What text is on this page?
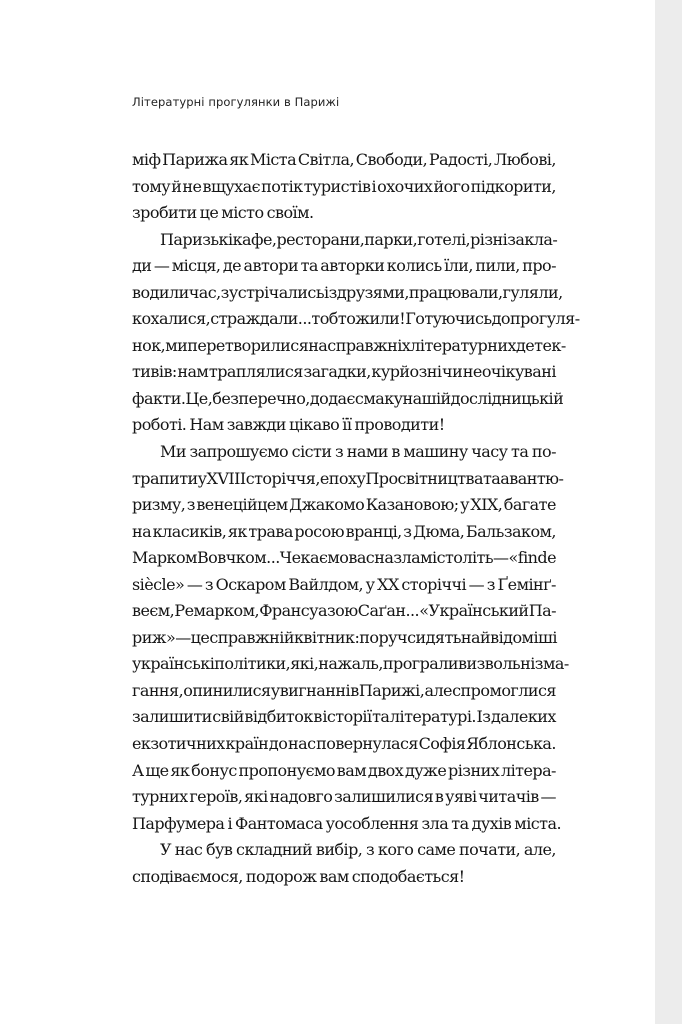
Літературні прогулянки в Парижі
міф Парижа як Міста Світла, Свободи, Радості, Любові,
тому й не вщухає потік туристів і охочих його підкорити,
зробити це місто своїм.
Паризькі кафе, ресторани, парки, готелі, різні закла-
ди — місця, де автори та авторки колись їли, пили, про-
водили час, зустрічались із друзями, працювали, гуляли,
кохалися, страждали... тобто жили! Готуючись до прогуля-
нок, ми перетворилися на справжніх літературних детек-
тивів: нам траплялися загадки, курйозні чи неочікувані
факти. Це, безперечно, додає смаку нашій дослідницькій
роботі. Нам завжди цікаво її проводити!
Ми запрошуємо сісти з нами в машину часу та по-
трапити у XVIII сторіччя, епоху Просвітництва та авантю-
ризму, з венеційцем Джакомо Казановою; у XIX, багате
на класиків, як трава росою вранці, з Дюма, Бальзаком,
Марком Вовчком... Чекаємо вас на зламі століть — «fin de
siècle» — з Оскаром Вайлдом, у XX сторіччі — з Ґемінґ-
веєм, Ремарком, Франсуазою Саґан... «Український Па-
риж» — це справжній квітник: поруч сидять найвідоміші
українські політики, які, на жаль, програли визвольні зма-
гання, опинилися у вигнанні в Парижі, але спромоглися
залишити свій відбиток в історії та літературі. Із далеких
екзотичних країн до нас повернулася Софія Яблонська.
А ще як бонус пропонуємо вам двох дуже різних літера-
турних героїв, які надовго залишилися в уяві читачів —
Парфумера і Фантомаса уособлення зла та духів міста.
У нас був складний вибір, з кого саме почати, але,
сподіваємося, подорож вам сподобається!
